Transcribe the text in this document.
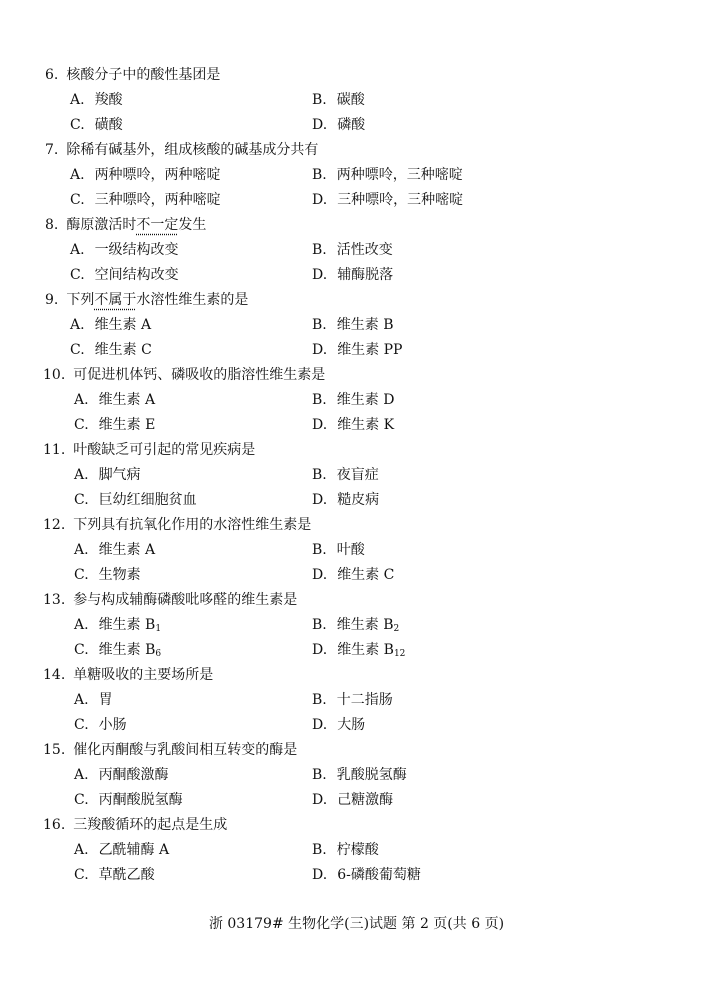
6. 核酸分子中的酸性基团是
A. 羧酸	B. 碳酸
C. 磺酸	D. 磷酸
7. 除稀有碱基外，组成核酸的碱基成分共有
A. 两种嘌呤，两种嘧啶	B. 两种嘌呤，三种嘧啶
C. 三种嘌呤，两种嘧啶	D. 三种嘌呤，三种嘧啶
8. 酶原激活时不一定发生
A. 一级结构改变	B. 活性改变
C. 空间结构改变	D. 辅酶脱落
9. 下列不属于水溶性维生素的是
A. 维生素 A	B. 维生素 B
C. 维生素 C	D. 维生素 PP
10. 可促进机体钙、磷吸收的脂溶性维生素是
A. 维生素 A	B. 维生素 D
C. 维生素 E	D. 维生素 K
11. 叶酸缺乏可引起的常见疾病是
A. 脚气病	B. 夜盲症
C. 巨幼红细胞贫血	D. 糙皮病
12. 下列具有抗氧化作用的水溶性维生素是
A. 维生素 A	B. 叶酸
C. 生物素	D. 维生素 C
13. 参与构成辅酶磷酸吡哆醛的维生素是
A. 维生素 $B_1$	B. 维生素 $B_2$
C. 维生素 $B_6$	D. 维生素 $B_{12}$
14. 单糖吸收的主要场所是
A. 胃	B. 十二指肠
C. 小肠	D. 大肠
15. 催化丙酮酸与乳酸间相互转变的酶是
A. 丙酮酸激酶	B. 乳酸脱氢酶
C. 丙酮酸脱氢酶	D. 己糖激酶
16. 三羧酸循环的起点是生成
A. 乙酰辅酶 A	B. 柠檬酸
C. 草酰乙酸	D. 6-磷酸葡萄糖
浙 03179# 生物化学(三)试题 第 2 页(共 6 页)
